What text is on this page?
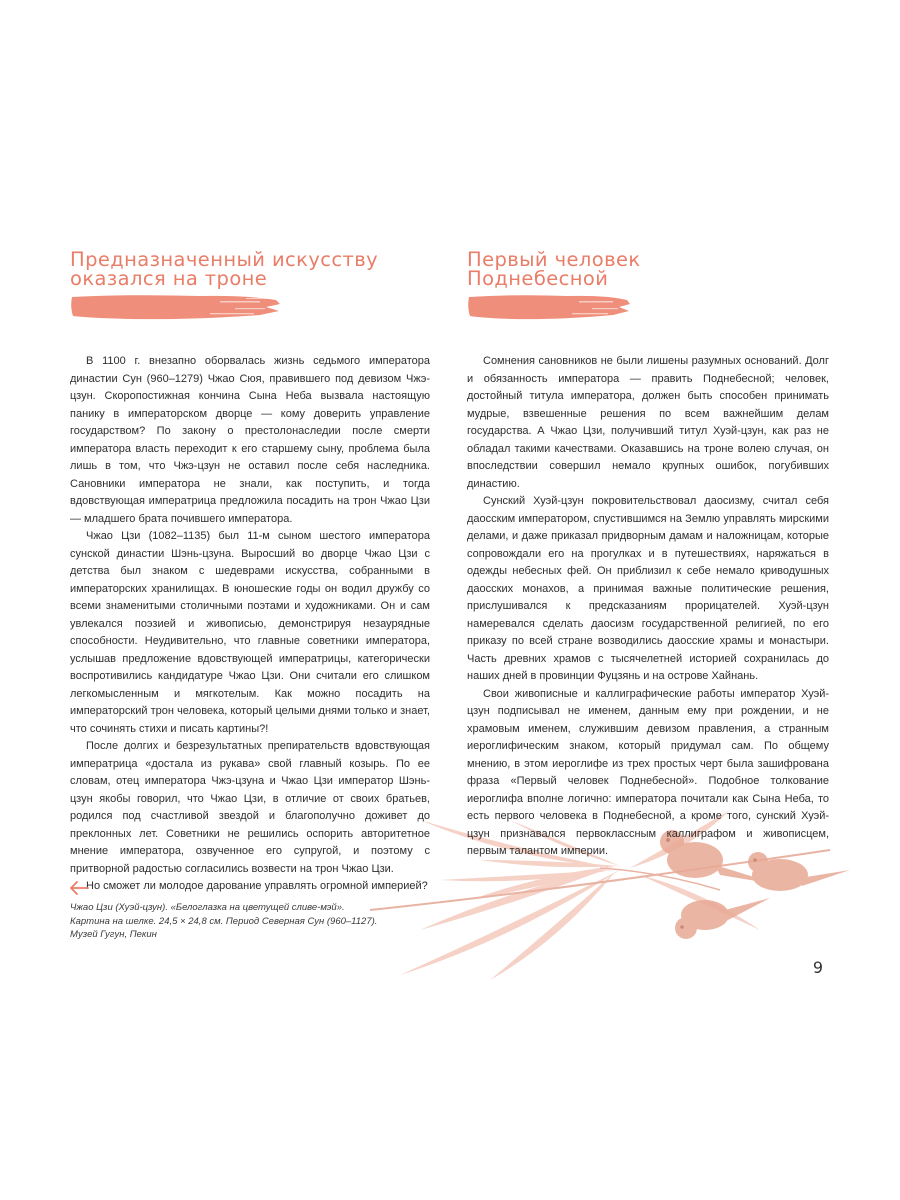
Предназначенный искусству
оказался на троне

В 1100 г. внезапно оборвалась жизнь седьмого императора династии Сун (960–1279) Чжао Сюя, правившего под девизом Чжэ-цзун. Скоропостижная кончина Сына Неба вызвала настоящую панику в императорском дворце — кому доверить управление государством? По закону о престолонаследии после смерти императора власть переходит к его старшему сыну, проблема была лишь в том, что Чжэ-цзун не оставил после себя наследника. Сановники императора не знали, как поступить, и тогда вдовствующая императрица предложила посадить на трон Чжао Цзи — младшего брата почившего императора.

Чжао Цзи (1082–1135) был 11-м сыном шестого императора сунской династии Шэнь-цзуна. Выросший во дворце Чжао Цзи с детства был знаком с шедеврами искусства, собранными в императорских хранилищах. В юношеские годы он водил дружбу со всеми знаменитыми столичными поэтами и художниками. Он и сам увлекался поэзией и живописью, демонстрируя незаурядные способности. Неудивительно, что главные советники императора, услышав предложение вдовствующей императрицы, категорически воспротивились кандидатуре Чжао Цзи. Они считали его слишком легкомысленным и мягкотелым. Как можно посадить на императорский трон человека, который целыми днями только и знает, что сочинять стихи и писать картины?!

После долгих и безрезультатных препирательств вдовствующая императрица «достала из рукава» свой главный козырь. По ее словам, отец императора Чжэ-цзуна и Чжао Цзи император Шэнь-цзун якобы говорил, что Чжао Цзи, в отличие от своих братьев, родился под счастливой звездой и благополучно доживет до преклонных лет. Советники не решились оспорить авторитетное мнение императора, озвученное его супругой, и поэтому с притворной радостью согласились возвести на трон Чжао Цзи.

Но сможет ли молодое дарование управлять огромной империей?

Первый человек
Поднебесной

Сомнения сановников не были лишены разумных оснований. Долг и обязанность императора — править Поднебесной; человек, достойный титула императора, должен быть способен принимать мудрые, взвешенные решения по всем важнейшим делам государства. А Чжао Цзи, получивший титул Хуэй-цзун, как раз не обладал такими качествами. Оказавшись на троне волею случая, он впоследствии совершил немало крупных ошибок, погубивших династию.

Сунский Хуэй-цзун покровительствовал даосизму, считал себя даосским императором, спустившимся на Землю управлять мирскими делами, и даже приказал придворным дамам и наложницам, которые сопровождали его на прогулках и в путешествиях, наряжаться в одежды небесных фей. Он приблизил к себе немало криводушных даосских монахов, а принимая важные политические решения, прислушивался к предсказаниям прорицателей. Хуэй-цзун намеревался сделать даосизм государственной религией, по его приказу по всей стране возводились даосские храмы и монастыри. Часть древних храмов с тысячелетней историей сохранилась до наших дней в провинции Фуцзянь и на острове Хайнань.

Свои живописные и каллиграфические работы император Хуэй-цзун подписывал не именем, данным ему при рождении, и не храмовым именем, служившим девизом правления, а странным иероглифическим знаком, который придумал сам. По общему мнению, в этом иероглифе из трех простых черт была зашифрована фраза «Первый человек Поднебесной». Подобное толкование иероглифа вполне логично: императора почитали как Сына Неба, то есть первого человека в Поднебесной, а кроме того, сунский Хуэй-цзун признавался первоклассным каллиграфом и живописцем, первым талантом империи.

Чжао Цзи (Хуэй-цзун). «Белоглазка на цветущей сливе-мэй».
Картина на шелке. 24,5 × 24,8 см. Период Северная Сун (960–1127).
Музей Гугун, Пекин
9
